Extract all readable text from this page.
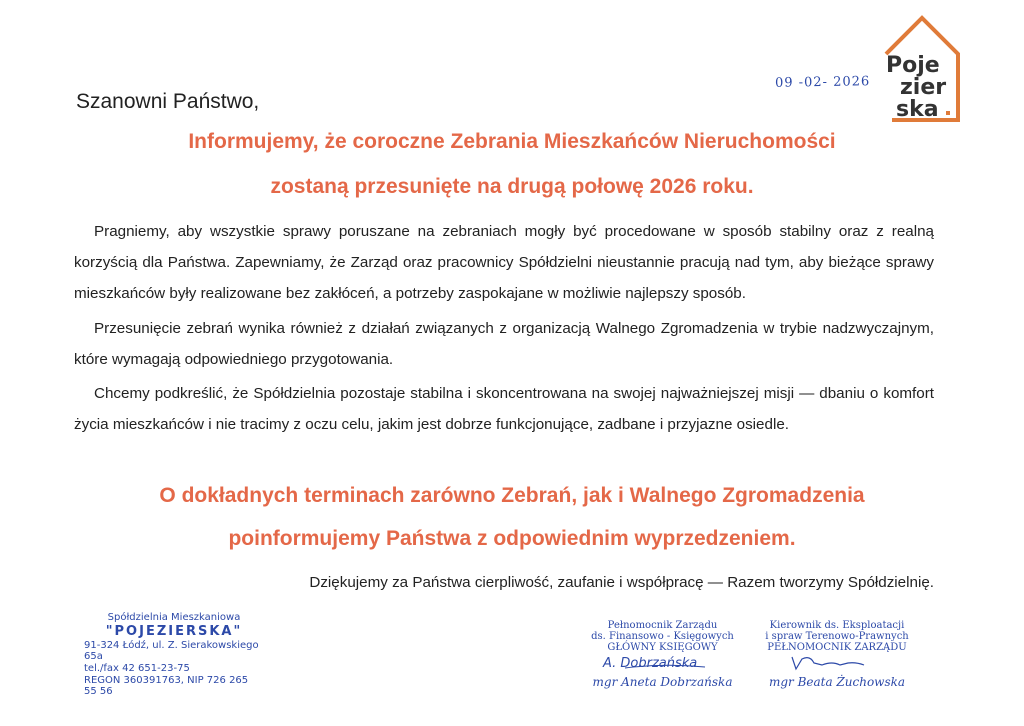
09 -02- 2026
Poje
zier
ska
Szanowni Państwo,
Informujemy, że coroczne Zebrania Mieszkańców Nieruchomości
zostaną przesunięte na drugą połowę 2026 roku.
Pragniemy, aby wszystkie sprawy poruszane na zebraniach mogły być procedowane w sposób stabilny oraz z realną korzyścią dla Państwa. Zapewniamy, że Zarząd oraz pracownicy Spółdzielni nieustannie pracują nad tym, aby bieżące sprawy mieszkańców były realizowane bez zakłóceń, a potrzeby zaspokajane w możliwie najlepszy sposób.
Przesunięcie zebrań wynika również z działań związanych z organizacją Walnego Zgromadzenia w trybie nadzwyczajnym, które wymagają odpowiedniego przygotowania.
Chcemy podkreślić, że Spółdzielnia pozostaje stabilna i skoncentrowana na swojej najważniejszej misji — dbaniu o komfort życia mieszkańców i nie tracimy z oczu celu, jakim jest dobrze funkcjonujące, zadbane i przyjazne osiedle.
O dokładnych terminach zarówno Zebrań, jak i Walnego Zgromadzenia
poinformujemy Państwa z odpowiednim wyprzedzeniem.
Dziękujemy za Państwa cierpliwość, zaufanie i współpracę — Razem tworzymy Spółdzielnię.
Spółdzielnia Mieszkaniowa
"POJEZIERSKA"
91-324 Łódź, ul. Z. Sierakowskiego 65a
tel./fax 42 651-23-75
REGON 360391763, NIP 726 265 55 56
Pełnomocnik Zarządu
ds. Finansowo - Księgowych
GŁÓWNY KSIĘGOWY
A. Dobrzańska
mgr Aneta Dobrzańska
Kierownik ds. Eksploatacji
i spraw Terenowo-Prawnych
PEŁNOMOCNIK ZARZĄDU
mgr Beata Żuchowska
